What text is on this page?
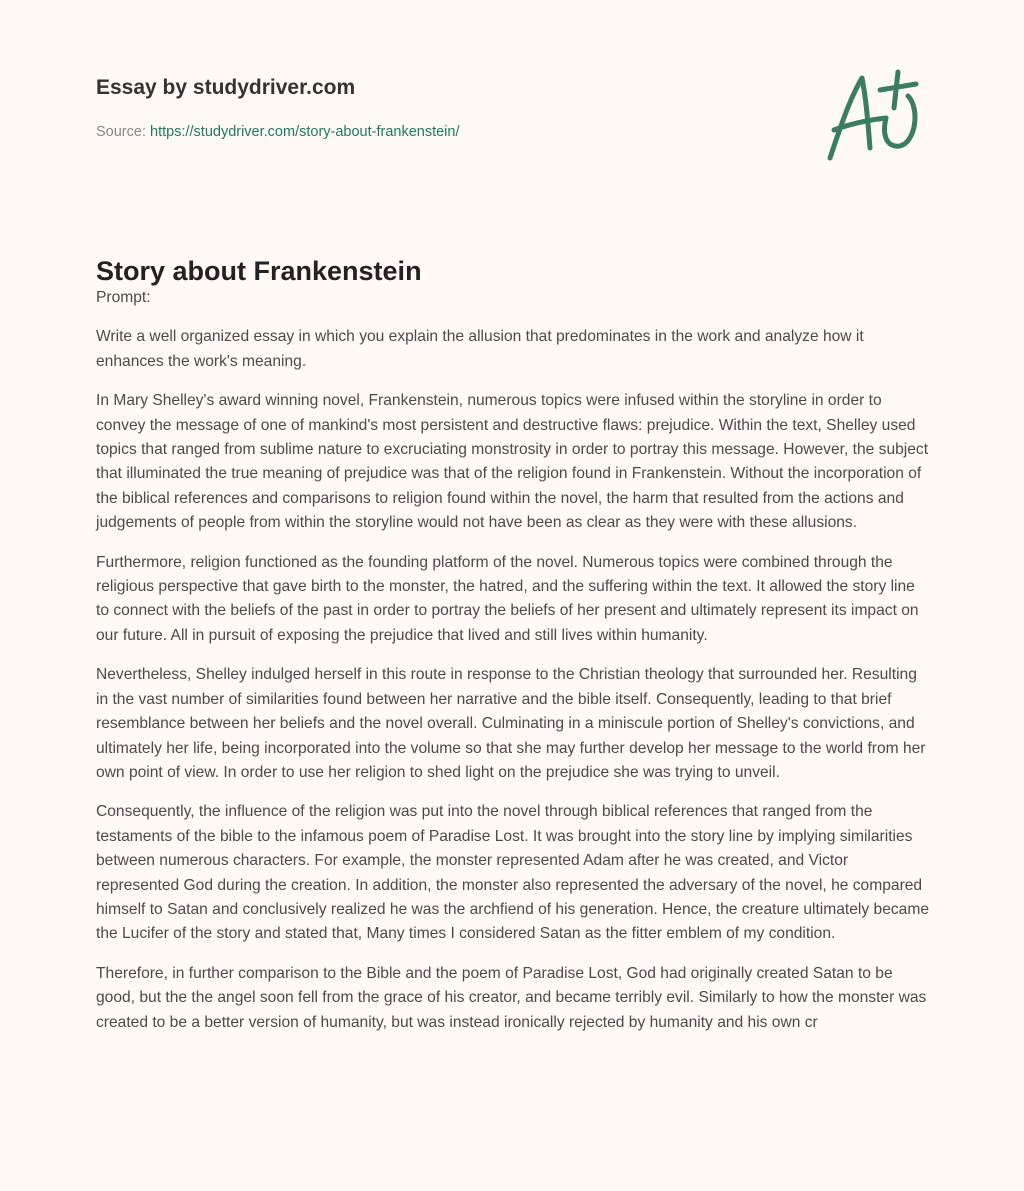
Essay by studydriver.com
Source: https://studydriver.com/story-about-frankenstein/
Story about Frankenstein

Prompt:

Write a well organized essay in which you explain the allusion that predominates in the work and analyze how it enhances the work's meaning.

In Mary Shelley's award winning novel, Frankenstein, numerous topics were infused within the storyline in order to convey the message of one of mankind's most persistent and destructive flaws: prejudice. Within the text, Shelley used topics that ranged from sublime nature to excruciating monstrosity in order to portray this message. However, the subject that illuminated the true meaning of prejudice was that of the religion found in Frankenstein. Without the incorporation of the biblical references and comparisons to religion found within the novel, the harm that resulted from the actions and judgements of people from within the storyline would not have been as clear as they were with these allusions.

Furthermore, religion functioned as the founding platform of the novel. Numerous topics were combined through the religious perspective that gave birth to the monster, the hatred, and the suffering within the text. It allowed the story line to connect with the beliefs of the past in order to portray the beliefs of her present and ultimately represent its impact on our future. All in pursuit of exposing the prejudice that lived and still lives within humanity.

Nevertheless, Shelley indulged herself in this route in response to the Christian theology that surrounded her. Resulting in the vast number of similarities found between her narrative and the bible itself. Consequently, leading to that brief resemblance between her beliefs and the novel overall. Culminating in a miniscule portion of Shelley's convictions, and ultimately her life, being incorporated into the volume so that she may further develop her message to the world from her own point of view. In order to use her religion to shed light on the prejudice she was trying to unveil.

Consequently, the influence of the religion was put into the novel through biblical references that ranged from the testaments of the bible to the infamous poem of Paradise Lost. It was brought into the story line by implying similarities between numerous characters. For example, the monster represented Adam after he was created, and Victor represented God during the creation. In addition, the monster also represented the adversary of the novel, he compared himself to Satan and conclusively realized he was the archfiend of his generation. Hence, the creature ultimately became the Lucifer of the story and stated that, Many times I considered Satan as the fitter emblem of my condition.

Therefore, in further comparison to the Bible and the poem of Paradise Lost, God had originally created Satan to be good, but the the angel soon fell from the grace of his creator, and became terribly evil. Similarly to how the monster was created to be a better version of humanity, but was instead ironically rejected by humanity and his own cr
